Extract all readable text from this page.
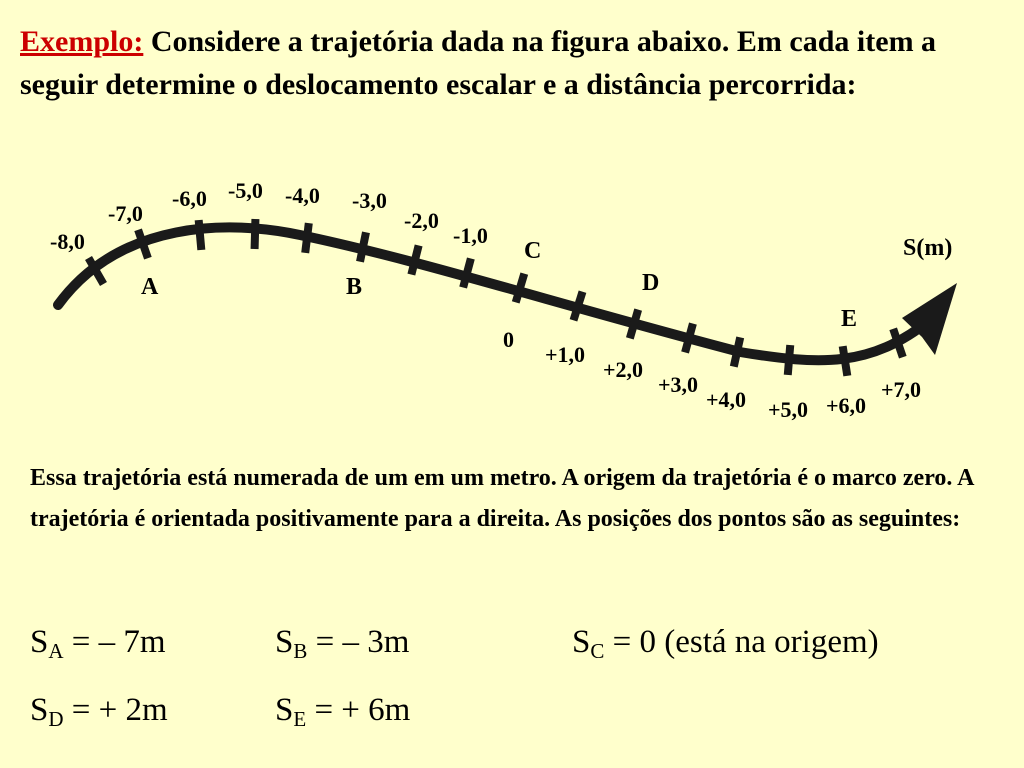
Exemplo: Considere a trajetória dada na figura abaixo. Em cada item a seguir determine o deslocamento escalar e a distância percorrida:
-8,0
-7,0
-6,0 -5,0 -4,0 -3,0
-2,0
-1,0
0
+1,0
+2,0
+3,0
+4,0 +5,0 +6,0
+7,0
A	B
C
D
E
S(m)
Essa trajetória está numerada de um em um metro. A origem da trajetória é o marco zero. A trajetória é orientada positivamente para a direita. As posições dos pontos são as seguintes:
$S_A$ = – 7m	$S_B$ = – 3m	$S_C = 0$ (está na origem)
$S_D$ = + 2m	$S_E$ = + 6m
